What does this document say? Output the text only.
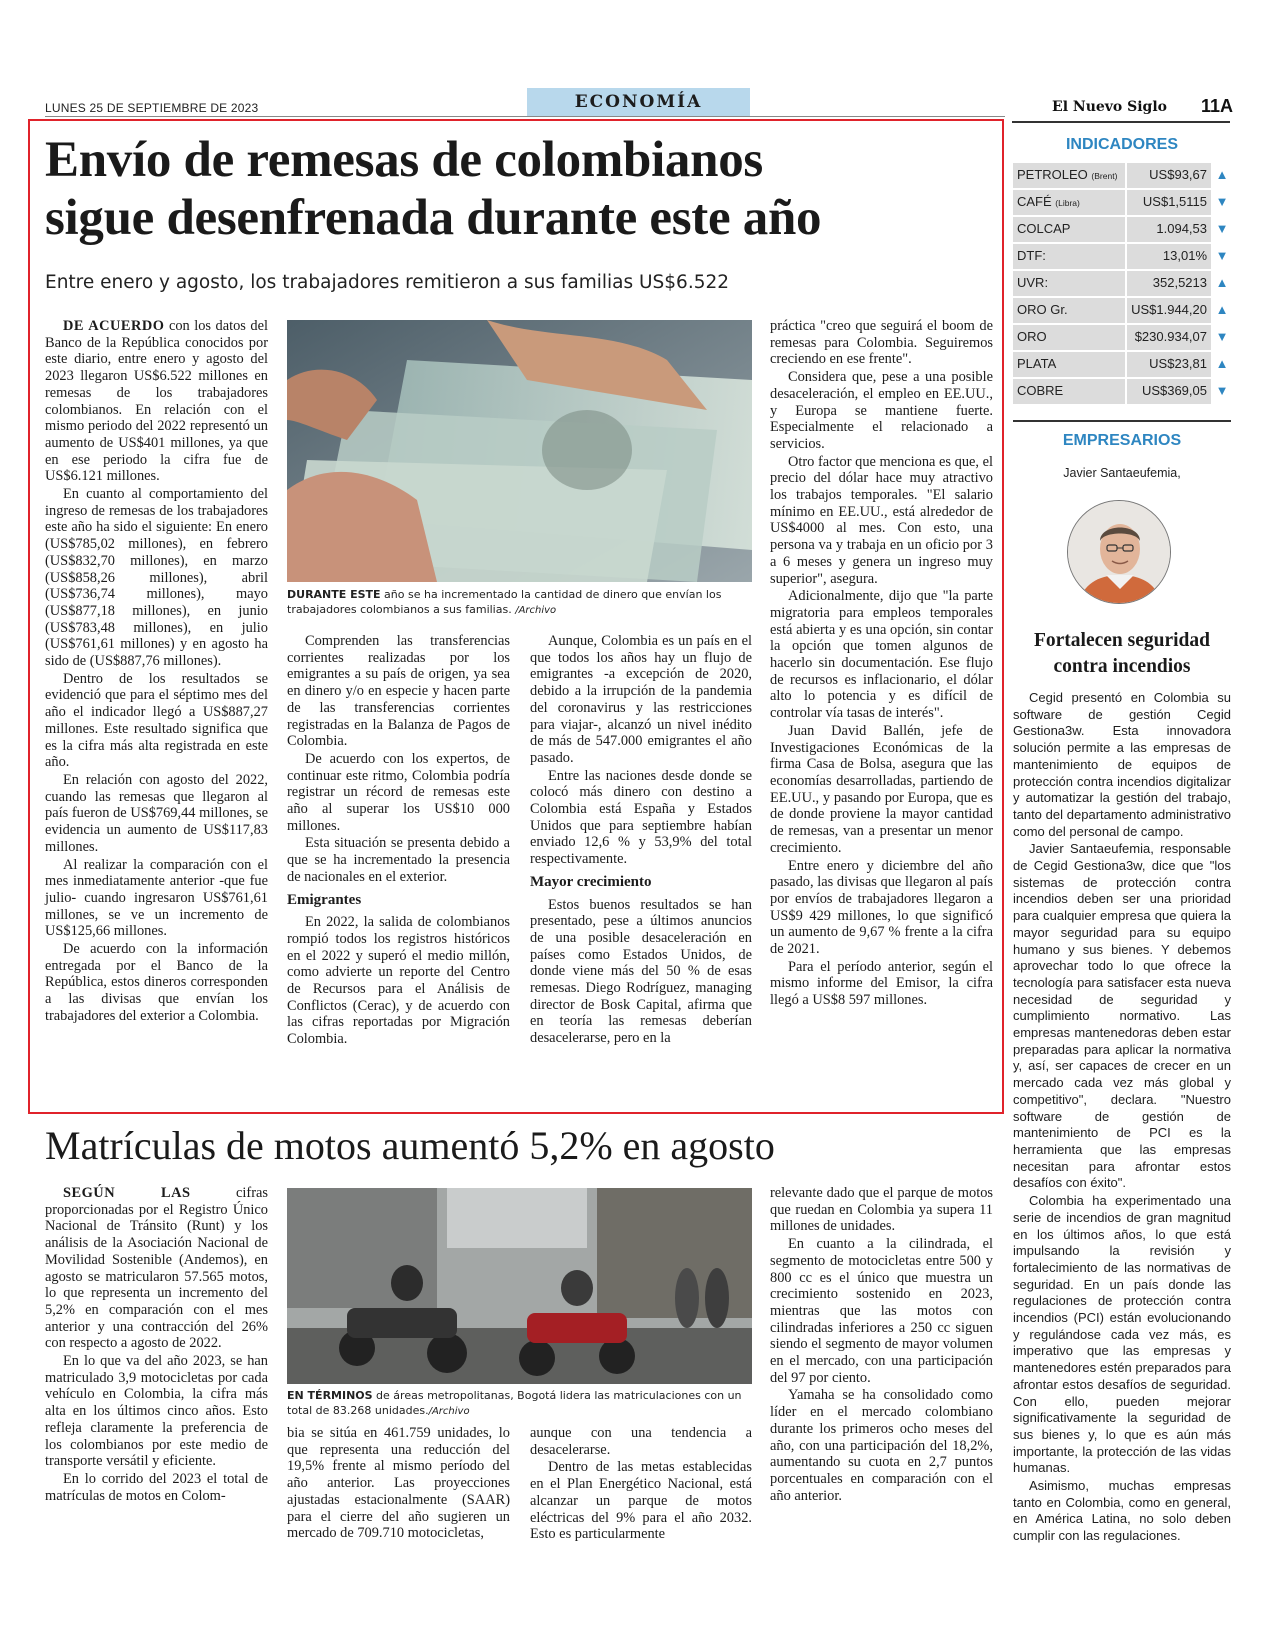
LUNES 25 DE SEPTIEMBRE DE 2023	ECONOMÍA	El Nuevo Siglo 11A
Envío de remesas de colombianos
sigue desenfrenada durante este año
Entre enero y agosto, los trabajadores remitieron a sus familias US$6.522

DE ACUERDO con los datos del Banco de la República conocidos por este diario, entre enero y agosto del 2023 llegaron US$6.522 millones en remesas de los trabajadores colombianos. En relación con el mismo periodo del 2022 representó un aumento de US$401 millones, ya que en ese periodo la cifra fue de US$6.121 millones.

En cuanto al comportamiento del ingreso de remesas de los trabajadores este año ha sido el siguiente: En enero (US$785,02 millones), en febrero (US$832,70 millones), en marzo (US$858,26 millones), abril (US$736,74 millones), mayo (US$877,18 millones), en junio (US$783,48 millones), en julio (US$761,61 millones) y en agosto ha sido de (US$887,76 millones).

Dentro de los resultados se evidenció que para el séptimo mes del año el indicador llegó a US$887,27 millones. Este resultado significa que es la cifra más alta registrada en este año.

En relación con agosto del 2022, cuando las remesas que llegaron al país fueron de US$769,44 millones, se evidencia un aumento de US$117,83 millones.

Al realizar la comparación con el mes inmediatamente anterior -que fue julio- cuando ingresaron US$761,61 millones, se ve un incremento de US$125,66 millones.

De acuerdo con la información entregada por el Banco de la República, estos dineros corresponden a las divisas que envían los trabajadores del exterior a Colombia.

DURANTE ESTE año se ha incrementado la cantidad de dinero que envían los trabajadores colombianos a sus familias. /Archivo

Comprenden las transferencias corrientes realizadas por los emigrantes a su país de origen, ya sea en dinero y/o en especie y hacen parte de las transferencias corrientes registradas en la Balanza de Pagos de Colombia.

De acuerdo con los expertos, de continuar este ritmo, Colombia podría registrar un récord de remesas este año al superar los US$10 000 millones.

Esta situación se presenta debido a que se ha incrementado la presencia de nacionales en el exterior.

Emigrantes

En 2022, la salida de colombianos rompió todos los registros históricos en el 2022 y superó el medio millón, como advierte un reporte del Centro de Recursos para el Análisis de Conflictos (Cerac), y de acuerdo con las cifras reportadas por Migración Colombia.

Aunque, Colombia es un país en el que todos los años hay un flujo de emigrantes -a excepción de 2020, debido a la irrupción de la pandemia del coronavirus y las restricciones para viajar-, alcanzó un nivel inédito de más de 547.000 emigrantes el año pasado.

Entre las naciones desde donde se colocó más dinero con destino a Colombia está España y Estados Unidos que para septiembre habían enviado 12,6 % y 53,9% del total respectivamente.

Mayor crecimiento

Estos buenos resultados se han presentado, pese a últimos anuncios de una posible desaceleración en países como Estados Unidos, de donde viene más del 50 % de esas remesas. Diego Rodríguez, managing director de Bosk Capital, afirma que en teoría las remesas deberían desacelerarse, pero en la

práctica "creo que seguirá el boom de remesas para Colombia. Seguiremos creciendo en ese frente".

Considera que, pese a una posible desaceleración, el empleo en EE.UU., y Europa se mantiene fuerte. Especialmente el relacionado a servicios.

Otro factor que menciona es que, el precio del dólar hace muy atractivo los trabajos temporales. "El salario mínimo en EE.UU., está alrededor de US$4000 al mes. Con esto, una persona va y trabaja en un oficio por 3 a 6 meses y genera un ingreso muy superior", asegura.

Adicionalmente, dijo que "la parte migratoria para empleos temporales está abierta y es una opción, sin contar la opción que tomen algunos de hacerlo sin documentación. Ese flujo de recursos es inflacionario, el dólar alto lo potencia y es difícil de controlar vía tasas de interés".

Juan David Ballén, jefe de Investigaciones Económicas de la firma Casa de Bolsa, asegura que las economías desarrolladas, partiendo de EE.UU., y pasando por Europa, que es de donde proviene la mayor cantidad de remesas, van a presentar un menor crecimiento.

Entre enero y diciembre del año pasado, las divisas que llegaron al país por envíos de trabajadores llegaron a US$9 429 millones, lo que significó un aumento de 9,67 % frente a la cifra de 2021.

Para el período anterior, según el mismo informe del Emisor, la cifra llegó a US$8 597 millones.

INDICADORES
PETROLEO (Brent)	US$93,67 ▲
CAFÉ (Libra)	US$1,5115 ▼
COLCAP	1.094,53 ▼
DTF:	13,01% ▼
UVR:	352,5213 ▲
ORO Gr.	US$1.944,20 ▲
ORO	$230.934,07 ▼
PLATA	US$23,81 ▲
COBRE	US$369,05 ▼
EMPRESARIOS
Javier Santaeufemia,
Fortalecen seguridad contra incendios

Cegid presentó en Colombia su software de gestión Cegid Gestiona3w. Esta innovadora solución permite a las empresas de mantenimiento de equipos de protección contra incendios digitalizar y automatizar la gestión del trabajo, tanto del departamento administrativo como del personal de campo.

Javier Santaeufemia, responsable de Cegid Gestiona3w, dice que "los sistemas de protección contra incendios deben ser una prioridad para cualquier empresa que quiera la mayor seguridad para su equipo humano y sus bienes. Y debemos aprovechar todo lo que ofrece la tecnología para satisfacer esta nueva necesidad de seguridad y cumplimiento normativo. Las empresas mantenedoras deben estar preparadas para aplicar la normativa y, así, ser capaces de crecer en un mercado cada vez más global y competitivo", declara. "Nuestro software de gestión de mantenimiento de PCI es la herramienta que las empresas necesitan para afrontar estos desafíos con éxito".

Colombia ha experimentado una serie de incendios de gran magnitud en los últimos años, lo que está impulsando la revisión y fortalecimiento de las normativas de seguridad. En un país donde las regulaciones de protección contra incendios (PCI) están evolucionando y regulándose cada vez más, es imperativo que las empresas y mantenedores estén preparados para afrontar estos desafíos de seguridad. Con ello, pueden mejorar significativamente la seguridad de sus bienes y, lo que es aún más importante, la protección de las vidas humanas.

Asimismo, muchas empresas tanto en Colombia, como en general, en América Latina, no solo deben cumplir con las regulaciones.

Matrículas de motos aumentó 5,2% en agosto

SEGÚN LAS cifras proporcionadas por el Registro Único Nacional de Tránsito (Runt) y los análisis de la Asociación Nacional de Movilidad Sostenible (Andemos), en agosto se matricularon 57.565 motos, lo que representa un incremento del 5,2% en comparación con el mes anterior y una contracción del 26% con respecto a agosto de 2022.

En lo que va del año 2023, se han matriculado 3,9 motocicletas por cada vehículo en Colombia, la cifra más alta en los últimos cinco años. Esto refleja claramente la preferencia de los colombianos por este medio de transporte versátil y eficiente.

En lo corrido del 2023 el total de matrículas de motos en Colom-

EN TÉRMINOS de áreas metropolitanas, Bogotá lidera las matriculaciones con un total de 83.268 unidades./Archivo

bia se sitúa en 461.759 unidades, lo que representa una reducción del 19,5% frente al mismo período del año anterior. Las proyecciones ajustadas estacionalmente (SAAR) para el cierre del año sugieren un mercado de 709.710 motocicletas,

aunque con una tendencia a desacelerarse.

Dentro de las metas establecidas en el Plan Energético Nacional, está alcanzar un parque de motos eléctricas del 9% para el año 2032. Esto es particularmente

relevante dado que el parque de motos que ruedan en Colombia ya supera 11 millones de unidades.

En cuanto a la cilindrada, el segmento de motocicletas entre 500 y 800 cc es el único que muestra un crecimiento sostenido en 2023, mientras que las motos con cilindradas inferiores a 250 cc siguen siendo el segmento de mayor volumen en el mercado, con una participación del 97 por ciento.

Yamaha se ha consolidado como líder en el mercado colombiano durante los primeros ocho meses del año, con una participación del 18,2%, aumentando su cuota en 2,7 puntos porcentuales en comparación con el año anterior.
